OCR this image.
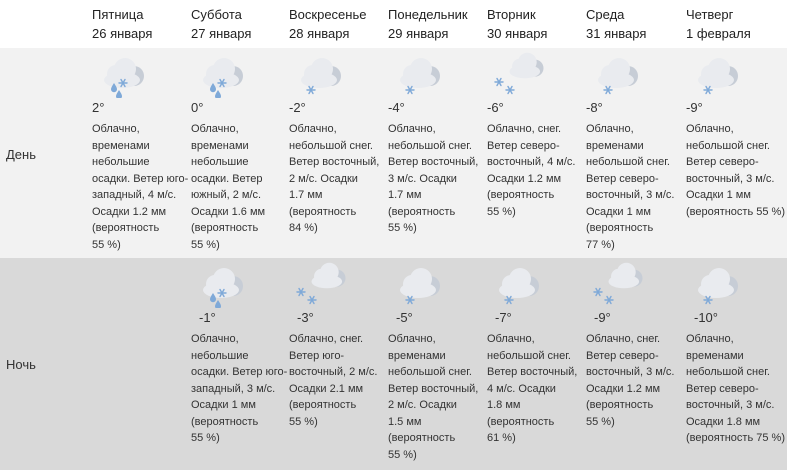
День
Ночь
Пятница
26 января
2°
Облачно,
временами
небольшие
осадки. Ветер юго-
западный, 4 м/с.
Осадки 1.2 мм
(вероятность
55 %)
Суббота
27 января
0°
Облачно,
временами
небольшие
осадки. Ветер
южный, 2 м/с.
Осадки 1.6 мм
(вероятность
55 %)
-1°
Облачно,
небольшие
осадки. Ветер юго-
западный, 3 м/с.
Осадки 1 мм
(вероятность
55 %)
Воскресенье
28 января
-2°
Облачно,
небольшой снег.
Ветер восточный,
2 м/с. Осадки
1.7 мм
(вероятность
84 %)
-3°
Облачно, снег.
Ветер юго-
восточный, 2 м/с.
Осадки 2.1 мм
(вероятность
55 %)
Понедельник
29 января
-4°
Облачно,
небольшой снег.
Ветер восточный,
3 м/с. Осадки
1.7 мм
(вероятность
55 %)
-5°
Облачно,
временами
небольшой снег.
Ветер восточный,
2 м/с. Осадки
1.5 мм
(вероятность
55 %)
Вторник
30 января
-6°
Облачно, снег.
Ветер северо-
восточный, 4 м/с.
Осадки 1.2 мм
(вероятность
55 %)
-7°
Облачно,
небольшой снег.
Ветер восточный,
4 м/с. Осадки
1.8 мм
(вероятность
61 %)
Среда
31 января
-8°
Облачно,
временами
небольшой снег.
Ветер северо-
восточный, 3 м/с.
Осадки 1 мм
(вероятность
77 %)
-9°
Облачно, снег.
Ветер северо-
восточный, 3 м/с.
Осадки 1.2 мм
(вероятность
55 %)
Четверг
1 февраля
-9°
Облачно,
небольшой снег.
Ветер северо-
восточный, 3 м/с.
Осадки 1 мм
(вероятность 55 %)
-10°
Облачно,
временами
небольшой снег.
Ветер северо-
восточный, 3 м/с.
Осадки 1.8 мм
(вероятность 75 %)
